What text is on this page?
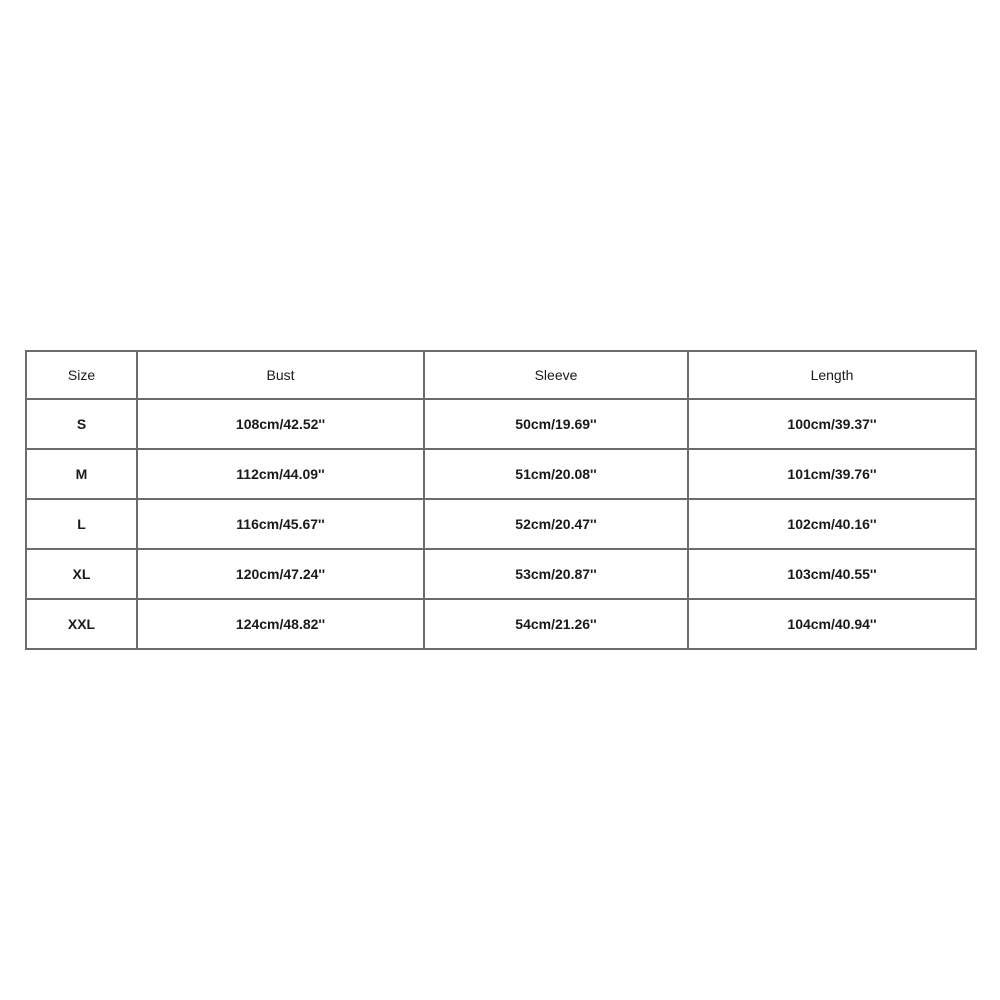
Size	Bust	Sleeve	Length
S	108cm/42.52''	50cm/19.69''	100cm/39.37''
M	112cm/44.09''	51cm/20.08''	101cm/39.76''
L	116cm/45.67''	52cm/20.47''	102cm/40.16''
XL	120cm/47.24''	53cm/20.87''	103cm/40.55''
XXL	124cm/48.82''	54cm/21.26''	104cm/40.94''
